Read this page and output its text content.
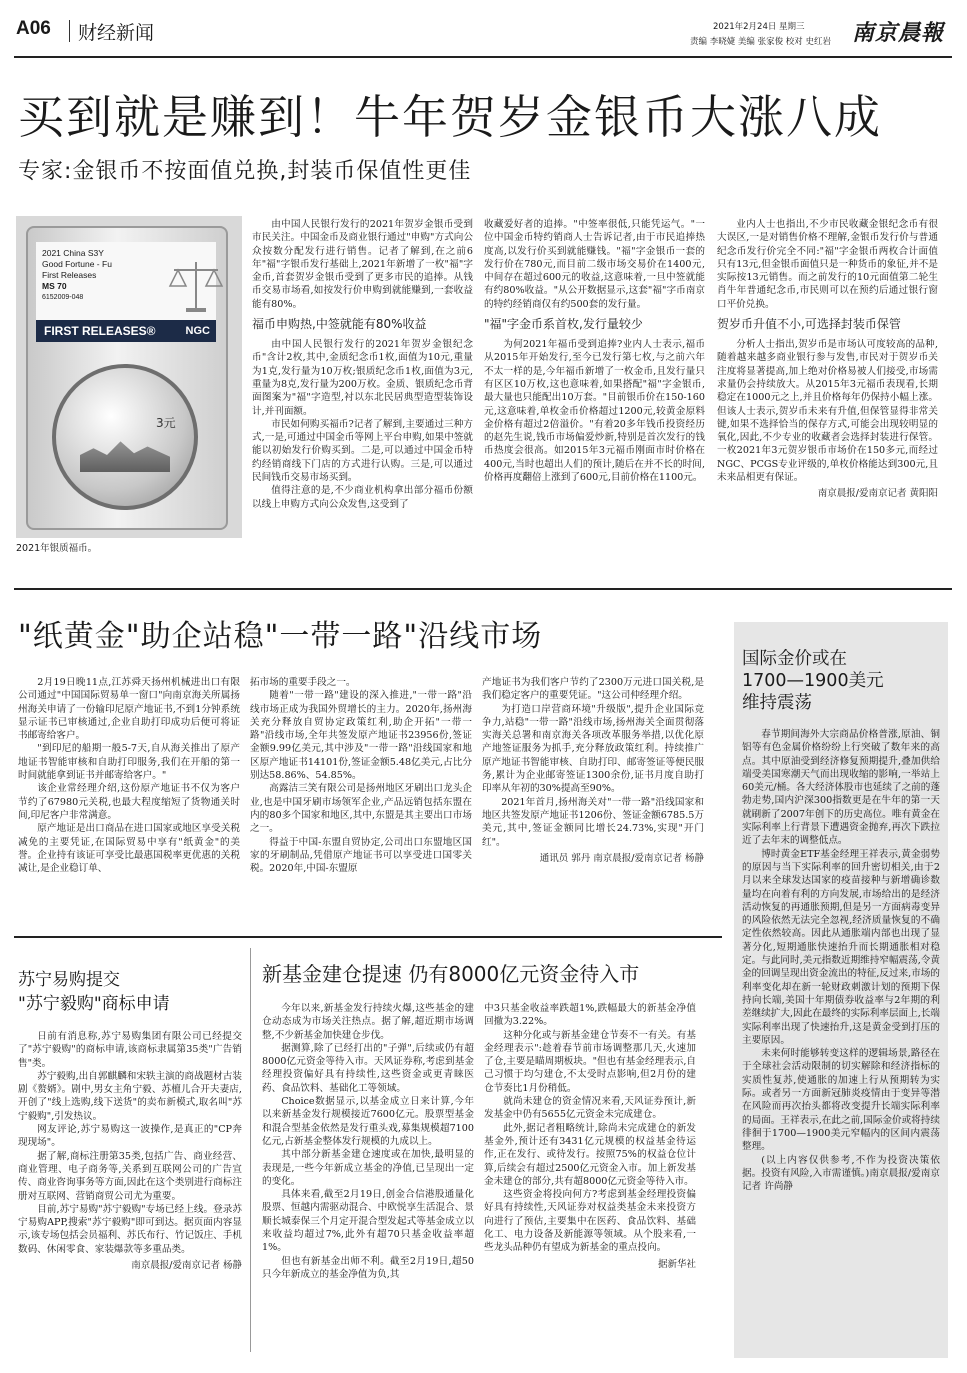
A06 财经新闻	2021年2月24日 星期三
责编 李晓婕 美编 张家俊 校对 史红岩 南京晨報
买到就是赚到！牛年贺岁金银币大涨八成
专家:金银币不按面值兑换,封装币保值性更佳
2021 China S3Y
Good Fortune - Fu
First Releases
MS 70
6152009-048
FIRST RELEASES®	NGC
3元
2021年银质福币。

由中国人民银行发行的2021年贺岁金银币受到市民关注。中国金币及商业银行通过"申购"方式向公众按数分配发行进行销售。记者了解到,在之前6年"福"字银币发行基础上,2021年新增了一枚"福"字金币,首套贺岁金银币受到了更多市民的追捧。从钱币交易市场看,如按发行价申购到就能赚到,一套收益能有80%。

福币申购热,中签就能有80%收益

由中国人民银行发行的2021年贺岁金银纪念币"含计2枚,其中,金质纪念币1枚,面值为10元,重量为1克,发行量为10万枚;银质纪念币1枚,面值为3元,重量为8克,发行量为200万枚。金质、银质纪念币背面图案为"福"字造型,衬以东北民居典型造型装饰设计,并刊面额。

市民如何购买福币?记者了解到,主要通过三种方式,一是,可通过中国金币等网上平台申购,如果中签就能以初始发行价购买到。二是,可以通过中国金币特约经销商线下门店的方式进行认购。三是,可以通过民间钱币交易市场买到。

值得注意的是,不少商业机构拿出部分福币份额以线上申购方式向公众发售,这受到了

收藏爱好者的追捧。"中签率很低,只能凭运气。"一位中国金币特约销商人士告诉记者,由于市民追捧热度高,以发行价买到就能赚钱。"福"字金银币一套的发行价在780元,而目前二级市场交易价在1400元,中间存在超过600元的收益,这意味着,一旦中签就能有约80%收益。"从公开数据显示,这套"福"字币南京的特约经销商仅有约500套的发行量。

"福"字金币系首枚,发行量较少

为何2021年福币受到追捧?业内人士表示,福币从2015年开始发行,至今已发行第七枚,与之前六年不太一样的是,今年福币新增了一枚金币,且发行量只有区区10万枚,这也意味着,如果搭配"福"字金银币,最大量也只能配出10万套。"目前银币价在150-160元,这意味着,单枚金币价格超过1200元,较黄金原料金价格有超过2倍溢价。"有着20多年钱币投资经历的赵先生说,钱币市场偏爱炒新,特别是首次发行的钱币热度会很高。如2015年3元福币刚面市时价格在400元,当时也超出人们的预计,随后在并不长的时间,价格再度翻倍上涨到了600元,目前价格在1100元。

业内人士也指出,不少市民收藏金银纪念币有很大误区,一是对销售价格不理解,金银币发行价与普通纪念币发行价完全不同:"福"字金银币两枚合计面值只有13元,但金银币面值只是一种货币的象征,并不是实际按13元销售。而之前发行的10元面值第二轮生肖牛年普通纪念币,市民则可以在预约后通过银行窗口平价兑换。

贺岁币升值不小,可选择封装币保管

分析人士指出,贺岁币是市场认可度较高的品种,随着越来越多商业银行参与发售,市民对于贺岁币关注度将显著提高,加上绝对价格易被人们接受,市场需求量仍会持续放大。从2015年3元福币表现看,长期稳定在1000元之上,并且价格每年仍保持小幅上涨。但该人士表示,贺岁币未来有升值,但保管显得非常关键,如果不选择恰当的保存方式,可能会出现较明显的氧化,因此,不少专业的收藏者会选择封装进行保管。一枚2021年3元贺岁银币市场价在150多元,而经过NGC、PCGS专业评级的,单枚价格能达到300元,且未来品相更有保证。

南京晨报/爱南京记者 黄阳阳
"纸黄金"助企站稳"一带一路"沿线市场

2月19日晚11点,江苏舜天扬州机械进出口有限公司通过"中国国际贸易单一窗口"向南京海关所属扬州海关申请了一份输印尼原产地证书,不到1分钟系统显示证书已审核通过,企业自助打印成功后便可将证书邮寄给客户。

"到印尼的船期一般5-7天,自从海关推出了原产地证书智能审核和自助打印服务,我们在开船的第一时间就能拿到证书并邮寄给客户。"

该企业常经理介绍,这份原产地证书不仅为客户节约了67980元关税,也最大程度缩短了货物通关时间,印尼客户非常满意。

原产地证是出口商品在进口国家或地区享受关税减免的主要凭证,在国际贸易中享有"纸黄金"的美誉。企业持有该证可享受比最惠国税率更优惠的关税减让,是企业稳订单、

拓市场的重要手段之一。

随着"一带一路"建设的深入推进,"一带一路"沿线市场正成为我国外贸增长的主力。2020年,扬州海关充分释放自贸协定政策红利,助企开拓"一带一路"沿线市场,全年共签发原产地证书23956份,签证金额9.99亿美元,其中涉及"一带一路"沿线国家和地区原产地证书14101份,签证金额5.48亿美元,占比分别达58.86%、54.85%。

高露洁三笑有限公司是扬州地区牙刷出口龙头企业,也是中国牙刷市场领军企业,产品远销包括东盟在内的80多个国家和地区,其中,东盟是其主要出口市场之一。

得益于中国-东盟自贸协定,公司出口东盟地区国家的牙刷制品,凭借原产地证书可以享受进口国零关税。2020年,中国-东盟原

产地证书为我们客户节约了2300万元进口国关税,是我们稳定客户的重要凭证。"这公司仲经理介绍。

为打造口岸营商环境"升级版",提升企业国际竞争力,站稳"一带一路"沿线市场,扬州海关全面贯彻落实海关总署和南京海关各项改革服务举措,以优化原产地签证服务为抓手,充分释放政策红利。持续推广原产地证书智能审核、自助打印、邮寄签证等便民服务,累计为企业邮寄签证1300余份,证书月度自助打印率从年初的30%提高至90%。

2021年首月,扬州海关对"一带一路"沿线国家和地区共签发原产地证书1206份、签证金额6785.5万美元,其中,签证金额同比增长24.73%,实现"开门红"。

通讯员 郭丹 南京晨报/爱南京记者 杨静
国际金价或在
1700—1900美元
维持震荡

春节期间海外大宗商品价格普涨,原油、铜铝等有色金属价格纷纷上行突破了数年来的高点。其中原油受到经济修复预期提升,叠加供给端受美国寒潮天气而出现收缩的影响,一举站上60美元/桶。各大经济体股市也延续了之前的蓬勃走势,国内沪深300指数更是在牛年的第一天就刷新了2007年创下的历史高位。唯有黄金在实际利率上行背景下遭遇资金抛弃,再次下跌拉近了去年末的调整低点。

博时黄金ETF基金经理王祥表示,黄金弱势的原因与当下实际利率的回升密切相关,由于2月以来全球发达国家的疫苗接种与新增确诊数量均在向着有利的方向发展,市场给出的是经济活动恢复的再通胀预期,但是另一方面病毒变异的风险依然无法完全忽视,经济质量恢复的不确定性依然较高。因此从通胀端内部也出现了显著分化,短期通胀快速抬升而长期通胀相对稳定。与此同时,美元指数近期维持窄幅震荡,令黄金的回调呈现出资金流出的特征,反过来,市场的利率变化却在新一轮财政刺激计划的预期下保持向长端,美国十年期债券收益率与2年期的利差继续扩大,因此在最终的实际利率层面上,长端实际利率出现了快速抬升,这是黄金受到打压的主要原因。

未来何时能够转变这样的逻辑场景,路径在于全球社会活动限制的切实解除和经济指标的实质性复苏,使通胀的加速上行从预期转为实际。或者另一方面新冠肺炎疫情由于变异等潜在风险而再次抬头都将改变提升长端实际利率的局面。王祥表示,在此之前,国际金价或将持续徘徊于1700—1900美元窄幅内的区间内震荡整理。

(以上内容仅供参考,不作为投资决策依据。投资有风险,入市需谨慎。)南京晨报/爱南京记者 许尚静

苏宁易购提交
"苏宁毅购"商标申请

日前有消息称,苏宁易购集团有限公司已经提交了"苏宁毅购"的商标申请,该商标隶属第35类"广告销售"类。

苏宁毅购,出自郭麒麟和宋轶主演的商战题材古装剧《赘婿》。剧中,男女主角宁毅、苏檀儿合开夫妻店,开创了"线上选购,线下送货"的卖布新模式,取名叫"苏宁毅购",引发热议。

网友评论,苏宁易购这一波操作,是真正的"CP奔现现场"。

据了解,商标注册第35类,包括广告、商业经营、商业管理、电子商务等,关系到互联网公司的广告宣传、商业咨询事务等方面,因此在这个类别进行商标注册对互联网、营销商贸公司尤为重要。

目前,苏宁易购"苏宁毅购"专场已经上线。登录苏宁易购APP,搜索"苏宁毅购"即可到达。据页面内容显示,该专场包括会员福利、苏氏布行、竹记饭庄、手机数码、休闲零食、家装爆款等多重品类。

南京晨报/爱南京记者 杨静
新基金建仓提速 仍有8000亿元资金待入市

今年以来,新基金发行持续火爆,这些基金的建仓动态成为市场关注热点。据了解,超近期市场调整,不少新基金加快建仓步伐。

据测算,除了已经打出的"子弹",后续或仍有超8000亿元资金等待入市。天风证券称,考虑到基金经理投资偏好具有持续性,这些资金或更青睐医药、食品饮料、基础化工等领域。

Choice数据显示,以基金成立日来计算,今年以来新基金发行规模接近7600亿元。股票型基金和混合型基金依然是发行重头戏,募集规模超7100亿元,占新基金整体发行规模的九成以上。

其中部分新基金建仓速度或在加快,最明显的表现是,一些今年新成立基金的净值,已呈现出一定的变化。

具体来看,截至2月19日,创金合信港股通量化股票、恒越内需驱动混合、中欧悦享生活混合、景顺长城泰保三个月定开混合型发起式等基金成立以来收益均超过7%,此外有超70只基金收益率超1%。

但也有新基金出师不利。截至2月19日,超50只今年新成立的基金净值为负,其

中3只基金收益率跌超1%,跌幅最大的新基金净值回撤为3.22%。

这种分化或与新基金建仓节奏不一有关。有基金经理表示":趁着春节前市场调整那几天,火速加了仓,主要是瞄周期板块。"但也有基金经理表示,自己习惯于均匀建仓,不太受时点影响,但2月份的建仓节奏比1月份稍低。

就尚未建仓的资金情况来看,天风证券预计,新发基金中仍有5655亿元资金未完成建仓。

此外,据记者粗略统计,除尚未完成建仓的新发基金外,预计还有3431亿元规模的权益基金待运作,正在发行、或待发行。按照75%的权益仓位计算,后续会有超过2500亿元资金入市。加上新发基金未建仓的部分,共有超8000亿元资金等待入市。

这些资金将投向何方?考虑到基金经理投资偏好具有持续性,天风证券对权益类基金未来投资方向进行了预估,主要集中在医药、食品饮料、基础化工、电力设备及新能源等领域。从个股来看,一些龙头品种仍有望成为新基金的重点投向。

据新华社
